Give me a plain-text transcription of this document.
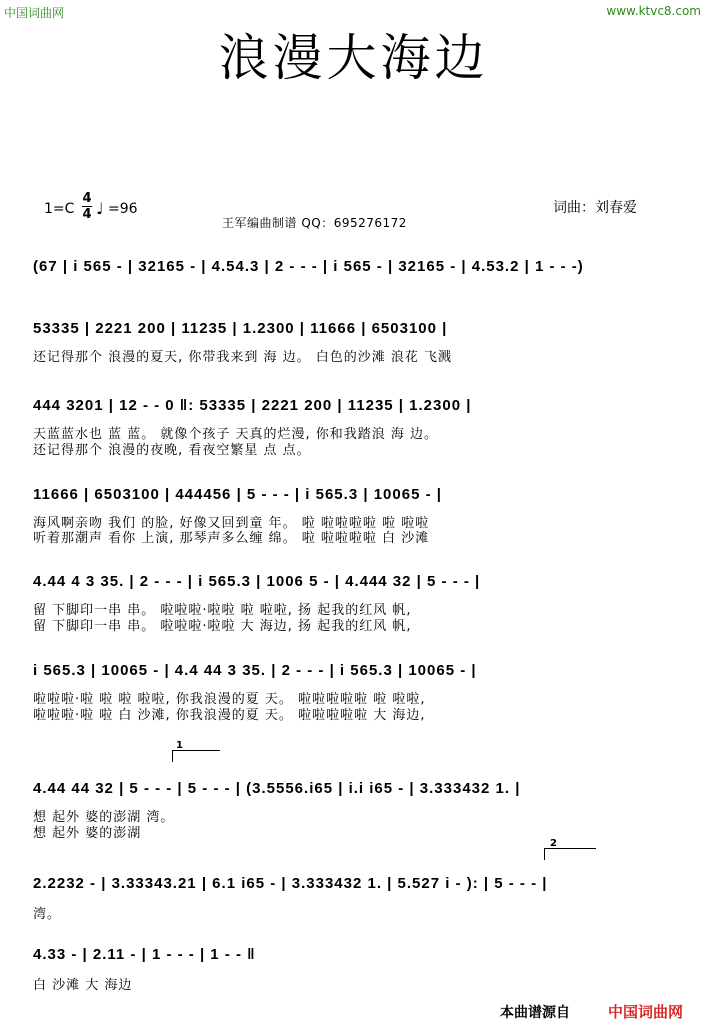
中国词曲网	www.ktvc8.com
浪漫大海边
1=C
4
4 ♩ =96	词曲：刘春爱
王军编曲制谱 QQ：695276172
(67 | i 565 - | 32165 - | 4.54.3 | 2 - - - | i 565 - | 32165 - | 4.53.2 | 1 - - -)
53335 | 2221 200 | 11235 | 1.2300 | 11666 | 6503100 |
还记得那个 浪漫的夏天, 你带我来到 海 边。 白色的沙滩 浪花 飞溅
444 3201 | 12 - - 0 ‖: 53335 | 2221 200 | 11235 | 1.2300 |
天蓝蓝水也 蓝 蓝。 就像个孩子 天真的烂漫, 你和我踏浪 海 边。
还记得那个 浪漫的夜晚, 看夜空繁星 点 点。
11666 | 6503100 | 444456 | 5 - - - | i 565.3 | 10065 - |
海风啊亲吻 我们 的脸, 好像又回到童 年。 啦 啦啦啦啦 啦 啦啦
听着那潮声 看你 上演, 那琴声多么缠 绵。 啦 啦啦啦啦 白 沙滩
4.44 4 3 35. | 2 - - - | i 565.3 | 1006 5 - | 4.444 32 | 5 - - - |
留 下脚印一串 串。 啦啦啦·啦啦 啦 啦啦, 扬 起我的红风 帆,
留 下脚印一串 串。 啦啦啦·啦啦 大 海边, 扬 起我的红风 帆,
i 565.3 | 10065 - | 4.4 44 3 35. | 2 - - - | i 565.3 | 10065 - |
啦啦啦·啦 啦 啦 啦啦, 你我浪漫的夏 天。 啦啦啦啦啦 啦 啦啦,
啦啦啦·啦 啦 白 沙滩, 你我浪漫的夏 天。 啦啦啦啦啦 大 海边,
1
4.44 44 32 | 5 - - - | 5 - - - | (3.5556.i65 | i.i i65 - | 3.333432 1. |
想 起外 婆的澎湖 湾。
想 起外 婆的澎湖
2
2.2232 - | 3.33343.21 | 6.1 i65 - | 3.333432 1. | 5.527 i - ): | 5 - - - |
湾。
4.33 - | 2.11 - | 1 - - - | 1 - - ‖
白 沙滩 大 海边
本曲谱源自	中国词曲网
